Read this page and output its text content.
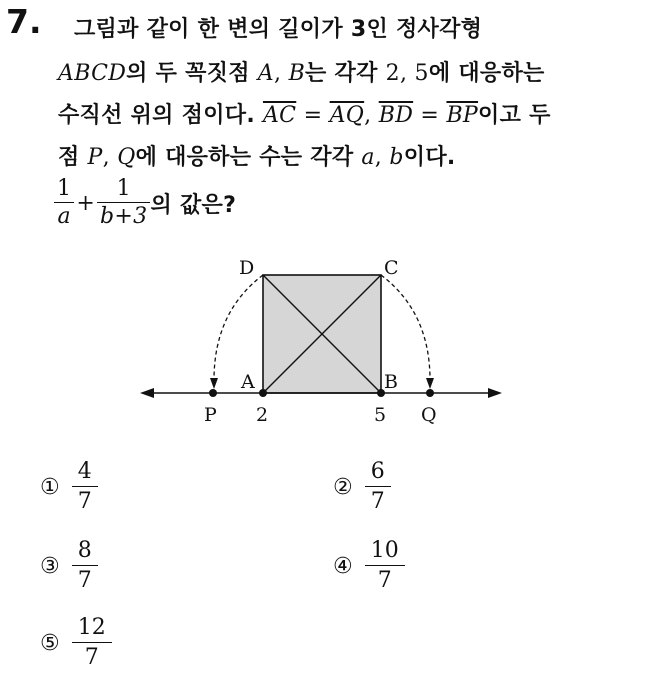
7. 그림과 같이 한 변의 길이가 3인 정사각형
ABCD의 두 꼭짓점 A, B는 각각 2, 5에 대응하는
수직선 위의 점이다. $\overline{AC} = \overline{AQ}$, $\overline{BD} = \overline{BP}$이고 두
점 P, Q에 대응하는 수는 각각 a, b이다.
$\frac{1}{a} + \frac{1}{b+3}$ 의 값은?
D	C
A	B
P 2	5 Q
① $\frac{4}{7}$	② $\frac{6}{7}$
③ $\frac{8}{7}$	④ $\frac{10}{7}$
⑤ $\frac{12}{7}$
